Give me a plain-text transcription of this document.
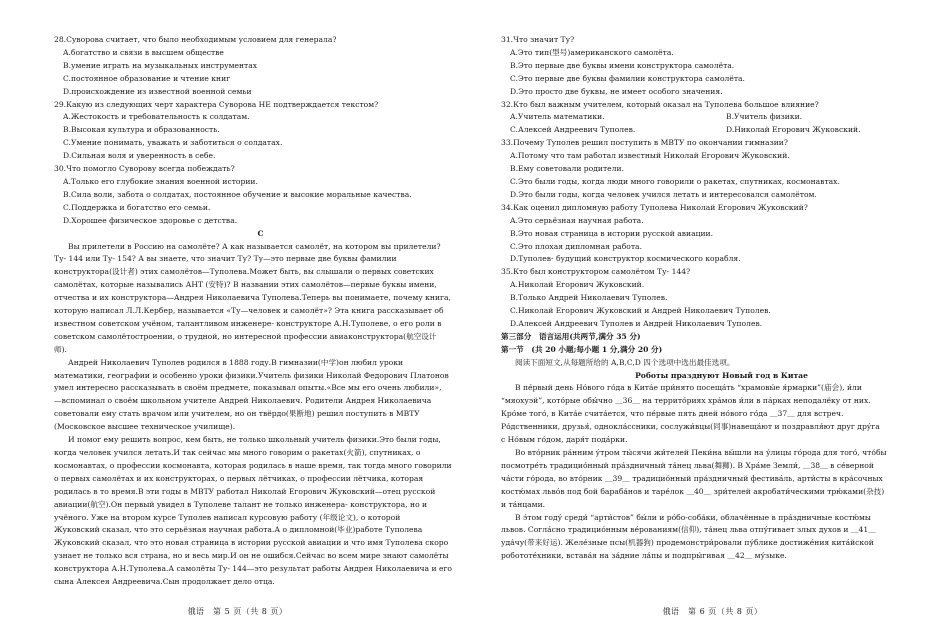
28.Суворова считает, что было необходимым условием для генерала?
A.богатство и связи в высшем обществе
B.умение играть на музыкальных инструментах
C.постоянное образование и чтение книг
D.происхождение из известной военной семьи
29.Какую из следующих черт характера Суворова НЕ подтверждается текстом?
A.Жестокость и требовательность к солдатам.
B.Высокая культура и образованность.
C.Умение понимать, уважать и заботиться о солдатах.
D.Сильная воля и уверенность в себе.
30.Что помогло Суворову всегда побеждать?
A.Только его глубокие знания военной истории.
B.Сила воли, забота о солдатах, постоянное обучение и высокие моральные качества.
C.Поддержка и богатство его семьи.
D.Хорошее физическое здоровье с детства.
C
Вы прилетели в Россию на самолёте? А как называется самолёт, на котором вы прилетели?
Ту- 144 или Ту- 154? А вы знаете, что значит Ту? Ту—это первые две буквы фамилии
конструктора(设计者) этих самолётов—Туполева.Может быть, вы слышали о первых советских
самолётах, которые назывались АНТ (安特)? В названии этих самолётов—первые буквы имени,
отчества и их конструктора—Андрея Николаевича Туполева.Теперь вы понимаете, почему книга,
которую написал Л.Л.Кербер, называется «Ту—человек и самолёт»? Эта книга рассказывает об
известном советском учёном, талантливом инженере- конструкторе А.Н.Туполеве, о его роли в
советском самолётостроении, о трудной, но интересной профессии авиаконструктора(航空设计
师).
Андрей Николаевич Туполев родился в 1888 году.В гимназии(中学)он любил уроки
математики, географии и особенно уроки физики.Учитель физики Николай Федорович Платонов
умел интересно рассказывать в своём предмете, показывал опыты.«Все мы его очень любили»,
—вспоминал о своём школьном учителе Андрей Николаевич. Родители Андрея Николаевича
советовали ему стать врачом или учителем, но он твёрдо(果断地) решил поступить в МВТУ
(Московское высшее техническое училище).
И помог ему решить вопрос, кем быть, не только школьный учитель физики.Это были годы,
когда человек учился летать.И так сейчас мы много говорим о ракетах(火箭), спутниках, о
космонавтах, о профессии космонавта, которая родилась в наше время, так тогда много говорили
о первых самолётах и их конструкторах, о первых лётчиках, о профессии лётчика, которая
родилась в то время.В эти годы в МВТУ работал Николай Егорович Жуковский—отец русской
авиации(航空).Он первый увидел в Туполеве талант не только инженера- конструктора, но и
учёного. Уже на втором курсе Туполев написал курсовую работу (年级论文), о которой
Жуковский сказал, что это серьёзная научная работа.А о дипломной(毕业)работе Туполева
Жуковский сказал, что это новая страница в истории русской авиации и что имя Туполева скоро
узнает не только вся страна, но и весь мир.И он не ошибся.Сейчас во всем мире знают самолёты
конструктора А.Н.Туполева.А самолёты Ту- 144—это результат работы Андрея Николаевича и его
сына Алексея Андреевича.Сын продолжает дело отца.
俄语　第 5 页（共 8 页）
31.Что значит Ту?
A.Это тип(型号)американского самолёта.
B.Это первые две буквы имени конструктора самолёта.
C.Это первые две буквы фамилии конструктора самолёта.
D.Это просто две буквы, не имеет особого значения.
32.Кто был важным учителем, который оказал на Туполева большое влияние?
A.Учитель математики.	B.Учитель физики.
C.Алексей Андреевич Туполев.	D.Николай Егорович Жуковский.
33.Почему Туполев решил поступить в МВТУ по окончании гимназии?
A.Потому что там работал известный Николай Егорович Жуковский.
B.Ему советовали родители.
C.Это были годы, когда люди много говорили о ракетах, спутниках, космонавтах.
D.Это были годы, когда человек учился летать и интересовался самолётом.
34.Как оценил дипломную работу Туполева Николай Егорович Жуковский?
A.Это серьёзная научная работа.
B.Это новая страница в истории русской авиации.
C.Это плохая дипломная работа.
D.Туполев- будущий конструктор космического корабля.
35.Кто был конструктором самолётом Ту- 144?
A.Николай Егорович Жуковский.
B.Только Андрей Николаевич Туполев.
C.Николай Егорович Жуковский и Андрей Николаевич Туполев.
D.Алексей Андреевич Туполев и Андрей Николаевич Туполев.
第三部分　语言运用(共两节,满分 35 分)
第一节　(共 20 小题;每小题 1 分,满分 20 分)
阅读下面短文,从每题所给的 A,B,C,D 四个选项中选出最佳选项。
Роботы празднуют Новый год в Китае
В пе́рвый день Но́вого го́да в Кита́е при́нято посеща́ть “храмовы́е я́рмарки”(庙会), и́ли
“мяохуэй”, кото́рые обы́чно ＿36＿ на террито́риях хра́мов и́ли в па́рках неподалёку от них.
Кро́ме того́, в Кита́е счита́ется, что пе́рвые пять дней но́вого го́да ＿37＿ для встреч.
Ро́дственники, друзья́, однокла́ссники, сослужи́вцы(同事)навеща́ют и поздравля́ют друг дру́га
с Но́вым го́дом, даря́т пода́рки.
Во вто́рник ра́нним у́тром ты́сячи жи́телей Пеки́на вы́шли на у́лицы го́рода для того́, что́бы
посмотре́ть традицио́нный пра́здничный та́нец льва(舞狮). В Хра́ме Земли́, ＿38＿ в се́верной
ча́сти го́рода, во вто́рник ＿39＿ традицио́нный пра́здничный фестива́ль, арти́сты в кра́сочных
костю́мах льво́в под бой бараба́нов и таре́лок ＿40＿ зри́телей акробати́ческими трю́ками(杂技)
и та́нцами.
В э́том году́ среди́ “арти́стов” бы́ли и ро́бо-соба́ки, облачённые в пра́здничные костю́мы
львов. Согла́сно традицио́нным ве́рованиям(信仰), та́нец льва отпу́гивает злых духов и ＿41＿
уда́чу(带来好运). Желе́зные псы(机器狗) продемонстри́ровали пу́блике достиже́ния кита́йской
робототе́хники, встава́я на за́дние ла́пы и подпры́гивая ＿42＿ му́зыке.
俄语　第 6 页（共 8 页）
